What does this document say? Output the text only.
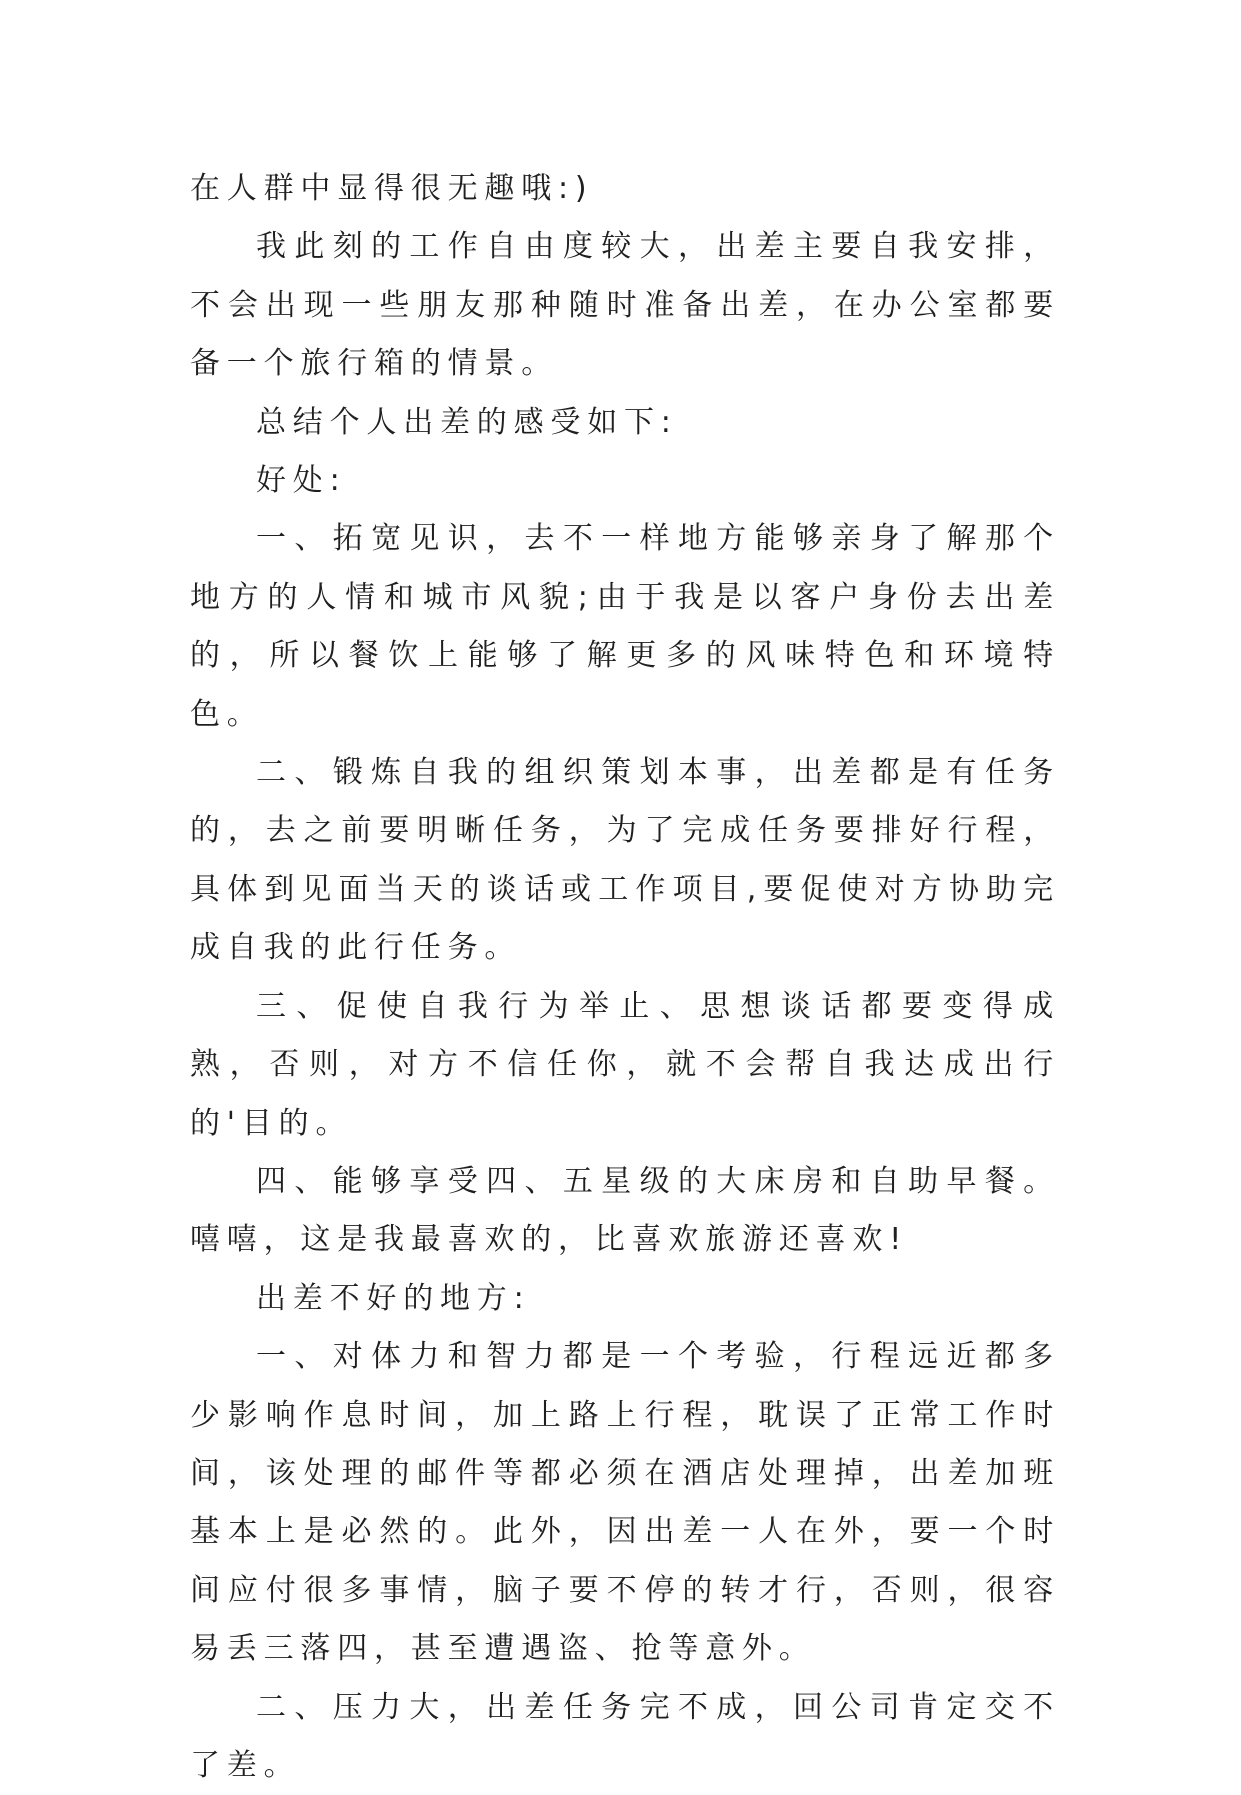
在人群中显得很无趣哦:)

我此刻的工作自由度较大，出差主要自我安排，不会出现一些朋友那种随时准备出差，在办公室都要备一个旅行箱的情景。

总结个人出差的感受如下:

好处:

一、拓宽见识，去不一样地方能够亲身了解那个地方的人情和城市风貌;由于我是以客户身份去出差的，所以餐饮上能够了解更多的风味特色和环境特色。

二、锻炼自我的组织策划本事，出差都是有任务的，去之前要明晰任务，为了完成任务要排好行程，具体到见面当天的谈话或工作项目,要促使对方协助完成自我的此行任务。

三、促使自我行为举止、思想谈话都要变得成熟，否则，对方不信任你，就不会帮自我达成出行的'目的。

四、能够享受四、五星级的大床房和自助早餐。嘻嘻，这是我最喜欢的，比喜欢旅游还喜欢!

出差不好的地方:

一、对体力和智力都是一个考验，行程远近都多少影响作息时间，加上路上行程，耽误了正常工作时间，该处理的邮件等都必须在酒店处理掉，出差加班基本上是必然的。此外，因出差一人在外，要一个时间应付很多事情，脑子要不停的转才行，否则，很容易丢三落四，甚至遭遇盗、抢等意外。

二、压力大，出差任务完不成，回公司肯定交不了差。
